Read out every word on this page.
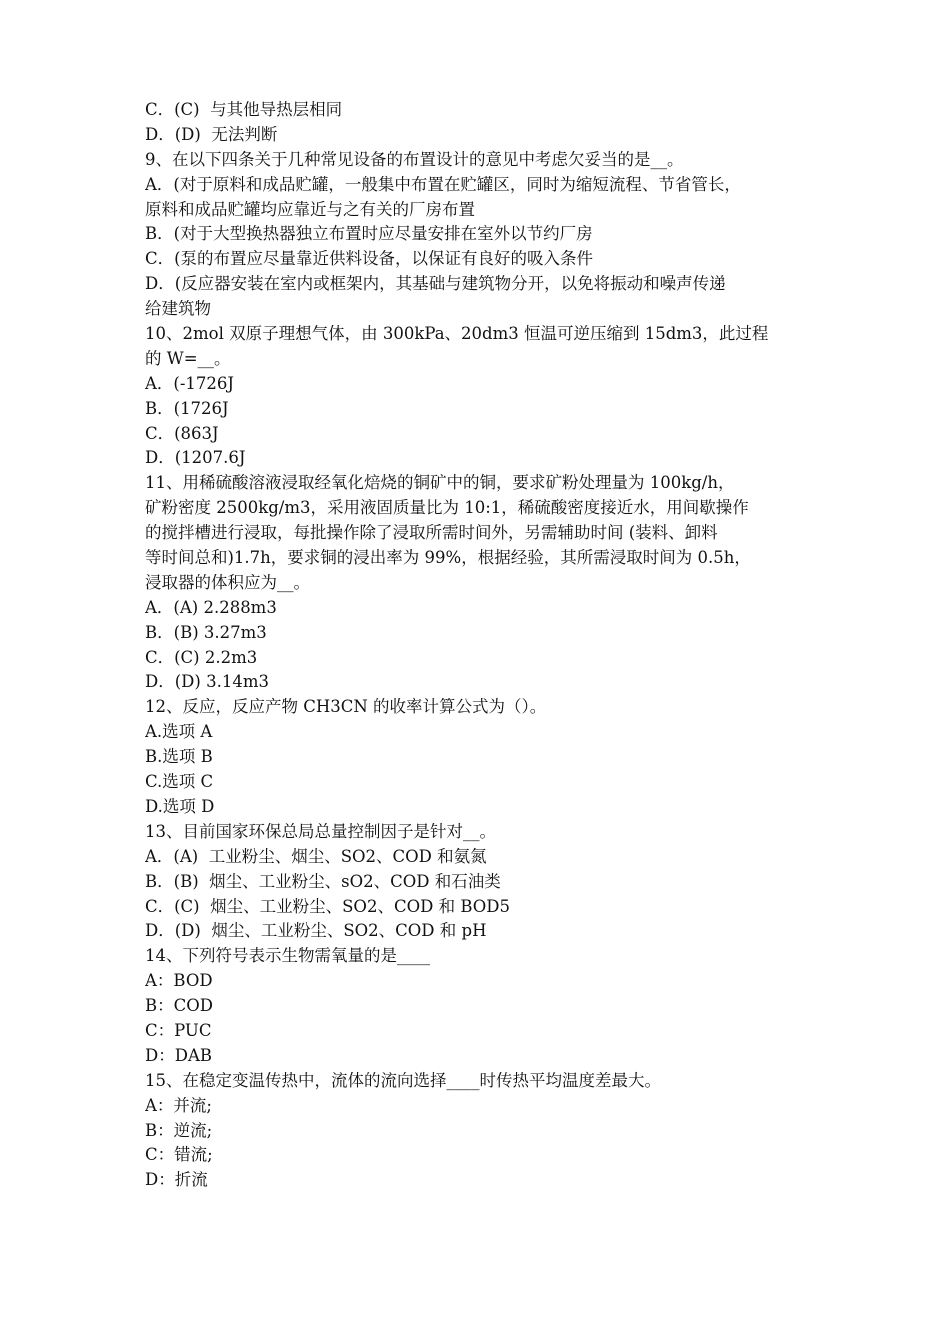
C．(C)  与其他导热层相同
D．(D)  无法判断
9、在以下四条关于几种常见设备的布置设计的意见中考虑欠妥当的是__。
A．(对于原料和成品贮罐，一般集中布置在贮罐区，同时为缩短流程、节省管长，
原料和成品贮罐均应靠近与之有关的厂房布置
B．(对于大型换热器独立布置时应尽量安排在室外以节约厂房
C．(泵的布置应尽量靠近供料设备，以保证有良好的吸入条件
D．(反应器安装在室内或框架内，其基础与建筑物分开，以免将振动和噪声传递
给建筑物
10、2mol 双原子理想气体，由 300kPa、20dm3 恒温可逆压缩到 15dm3，此过程
的 W=__。
A．(-1726J
B．(1726J
C．(863J
D．(1207.6J
11、用稀硫酸溶液浸取经氧化焙烧的铜矿中的铜，要求矿粉处理量为 100kg/h，
矿粉密度 2500kg/m3，采用液固质量比为 10:1，稀硫酸密度接近水，用间歇操作
的搅拌槽进行浸取，每批操作除了浸取所需时间外，另需辅助时间 (装料、卸料
等时间总和)1.7h，要求铜的浸出率为 99%，根据经验，其所需浸取时间为 0.5h，
浸取器的体积应为__。
A．(A) 2.288m3
B．(B) 3.27m3
C．(C) 2.2m3
D．(D) 3.14m3
12、反应，反应产物 CH3CN 的收率计算公式为（）。
A.选项 A
B.选项 B
C.选项 C
D.选项 D
13、目前国家环保总局总量控制因子是针对__。
A．(A)  工业粉尘、烟尘、SO2、COD 和氨氮
B．(B)  烟尘、工业粉尘、sO2、COD 和石油类
C．(C)  烟尘、工业粉尘、SO2、COD 和 BOD5
D．(D)  烟尘、工业粉尘、SO2、COD 和 pH
14、下列符号表示生物需氧量的是____
A：BOD
B：COD
C：PUC
D：DAB
15、在稳定变温传热中，流体的流向选择____时传热平均温度差最大。
A：并流;
B：逆流;
C：错流;
D：折流
